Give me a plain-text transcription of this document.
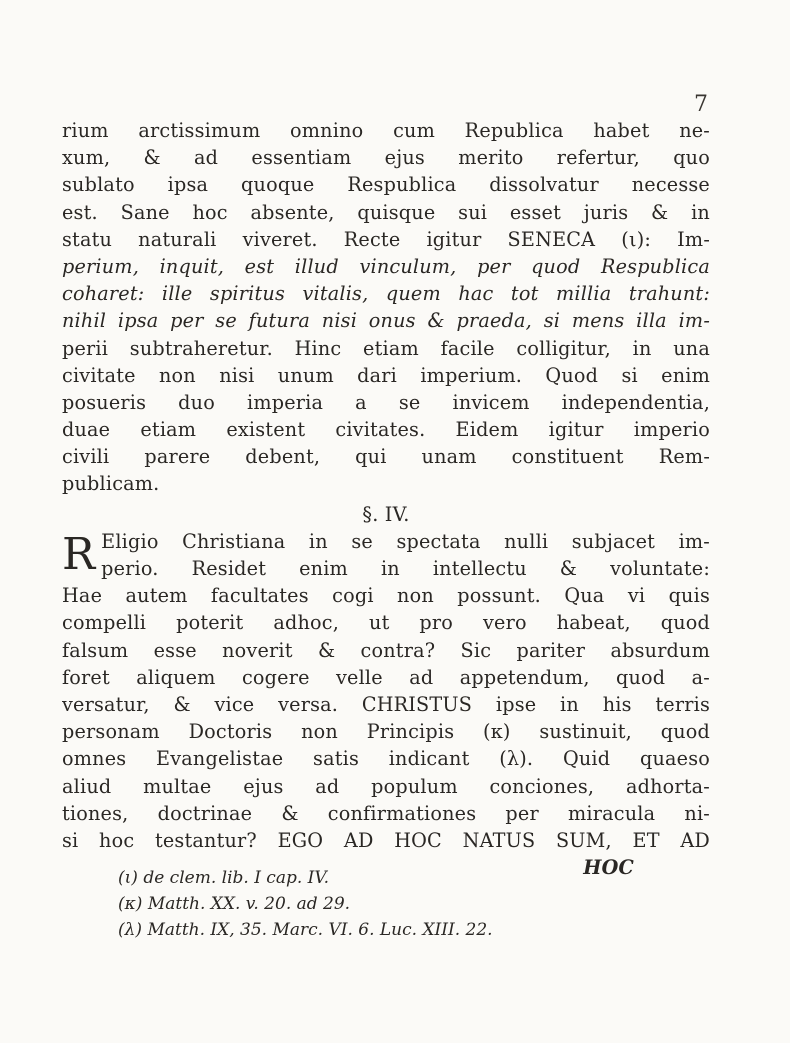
7
rium arctissimum omnino cum Republica habet ne-
xum, & ad essentiam ejus merito refertur, quo
sublato ipsa quoque Respublica dissolvatur necesse
est. Sane hoc absente, quisque sui esset juris & in
statu naturali viveret. Recte igitur SENECA (ι): Im-
perium, inquit, est illud vinculum, per quod Respublica
coharet: ille spiritus vitalis, quem hac tot millia trahunt:
nihil ipsa per se futura nisi onus & praeda, si mens illa im-
perii subtraheretur. Hinc etiam facile colligitur, in una
civitate non nisi unum dari imperium. Quod si enim
posueris duo imperia a se invicem independentia,
duae etiam existent civitates. Eidem igitur imperio
civili parere debent, qui unam constituent Rem-
publicam.
§. IV.
R Eligio Christiana in se spectata nulli subjacet im-
perio. Residet enim in intellectu & voluntate:
Hae autem facultates cogi non possunt. Qua vi quis
compelli poterit adhoc, ut pro vero habeat, quod
falsum esse noverit & contra? Sic pariter absurdum
foret aliquem cogere velle ad appetendum, quod a-
versatur, & vice versa. CHRISTUS ipse in his terris
personam Doctoris non Principis (κ) sustinuit, quod
omnes Evangelistae satis indicant (λ). Quid quaeso
aliud multae ejus ad populum conciones, adhorta-
tiones, doctrinae & confirmationes per miracula ni-
si hoc testantur? EGO AD HOC NATUS SUM, ET AD
HOC
(ι) de clem. lib. I cap. IV.
(κ) Matth. XX. v. 20. ad 29.
(λ) Matth. IX, 35. Marc. VI. 6. Luc. XIII. 22.
